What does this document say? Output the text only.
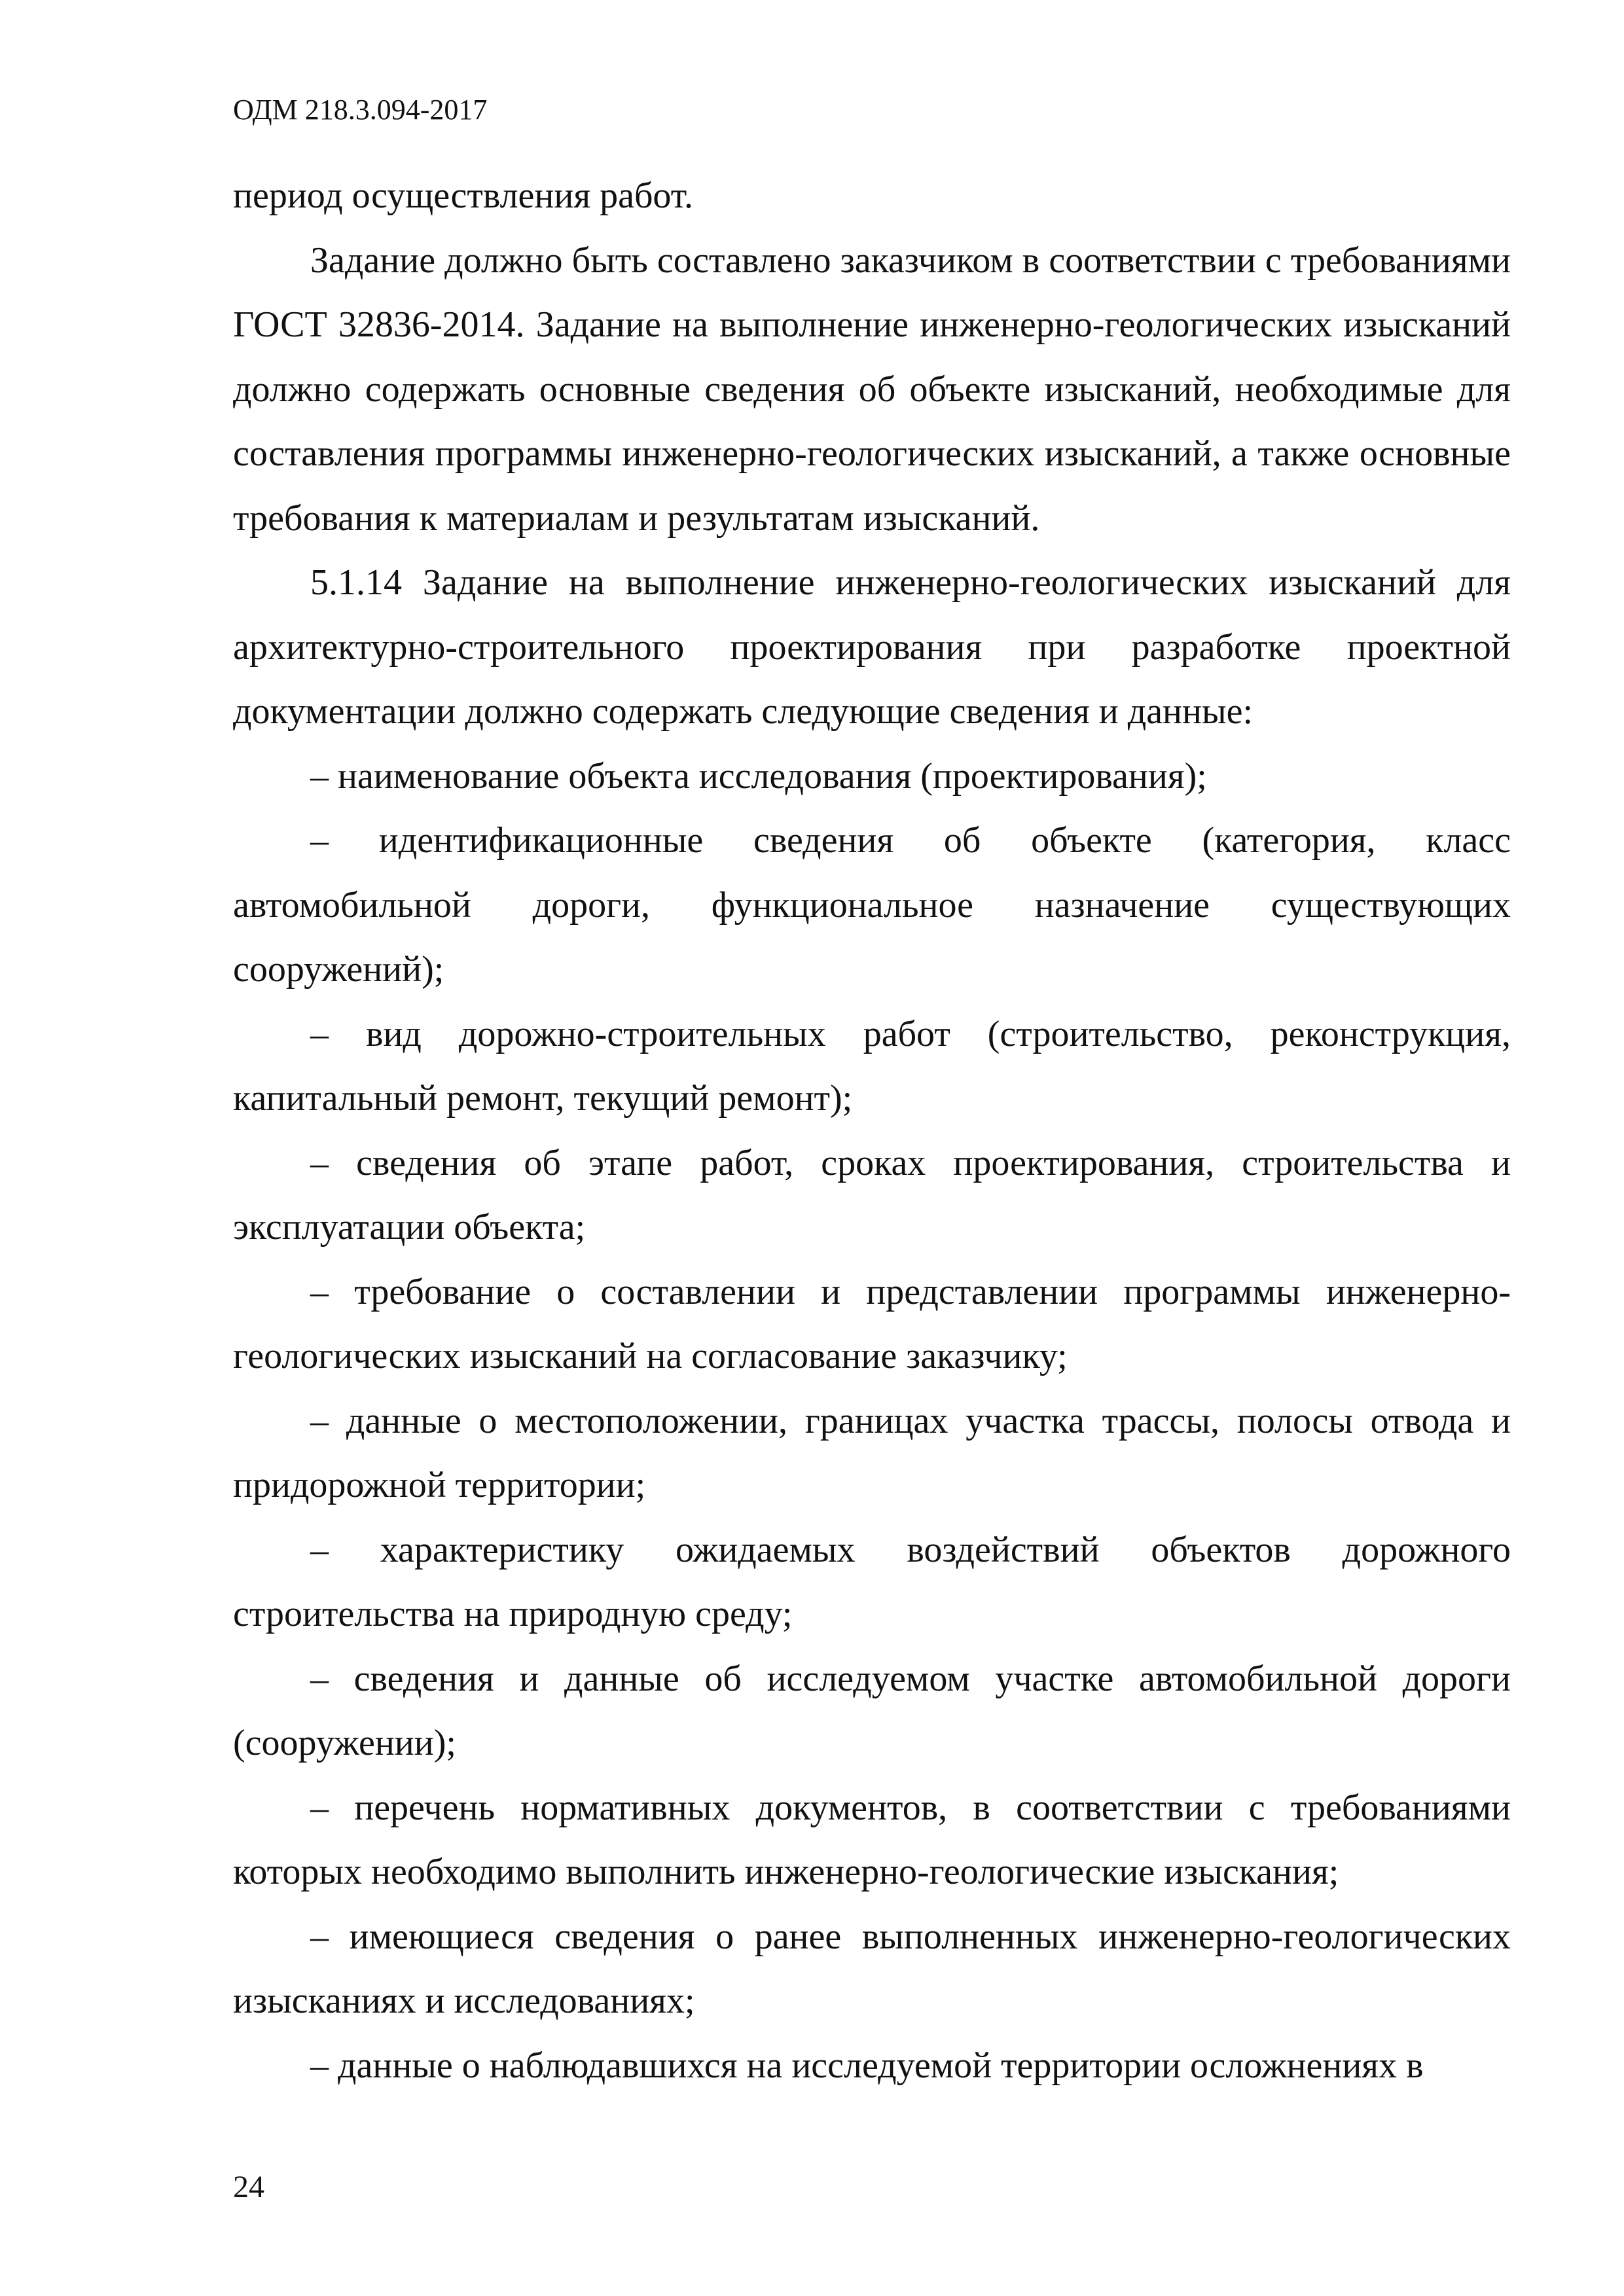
ОДМ 218.3.094-2017

период осуществления работ.

Задание должно быть составлено заказчиком в соответствии с требованиями ГОСТ 32836-2014. Задание на выполнение инженерно-геологических изысканий должно содержать основные сведения об объекте изысканий, необходимые для составления программы инженерно-геологических изысканий, а также основные требования к материалам и результатам изысканий.

5.1.14 Задание на выполнение инженерно-геологических изысканий для архитектурно-строительного проектирования при разработке проектной документации должно содержать следующие сведения и данные:

– наименование объекта исследования (проектирования);

– идентификационные сведения об объекте (категория, класс автомобильной дороги, функциональное назначение существующих сооружений);

– вид дорожно-строительных работ (строительство, реконструкция, капитальный ремонт, текущий ремонт);

– сведения об этапе работ, сроках проектирования, строительства и эксплуатации объекта;

– требование о составлении и представлении программы инженерно-геологических изысканий на согласование заказчику;

– данные о местоположении, границах участка трассы, полосы отвода и придорожной территории;

– характеристику ожидаемых воздействий объектов дорожного строительства на природную среду;

– сведения и данные об исследуемом участке автомобильной дороги (сооружении);

– перечень нормативных документов, в соответствии с требованиями которых необходимо выполнить инженерно-геологические изыскания;

– имеющиеся сведения о ранее выполненных инженерно-геологических изысканиях и исследованиях;

– данные о наблюдавшихся на исследуемой территории осложнениях в

24
